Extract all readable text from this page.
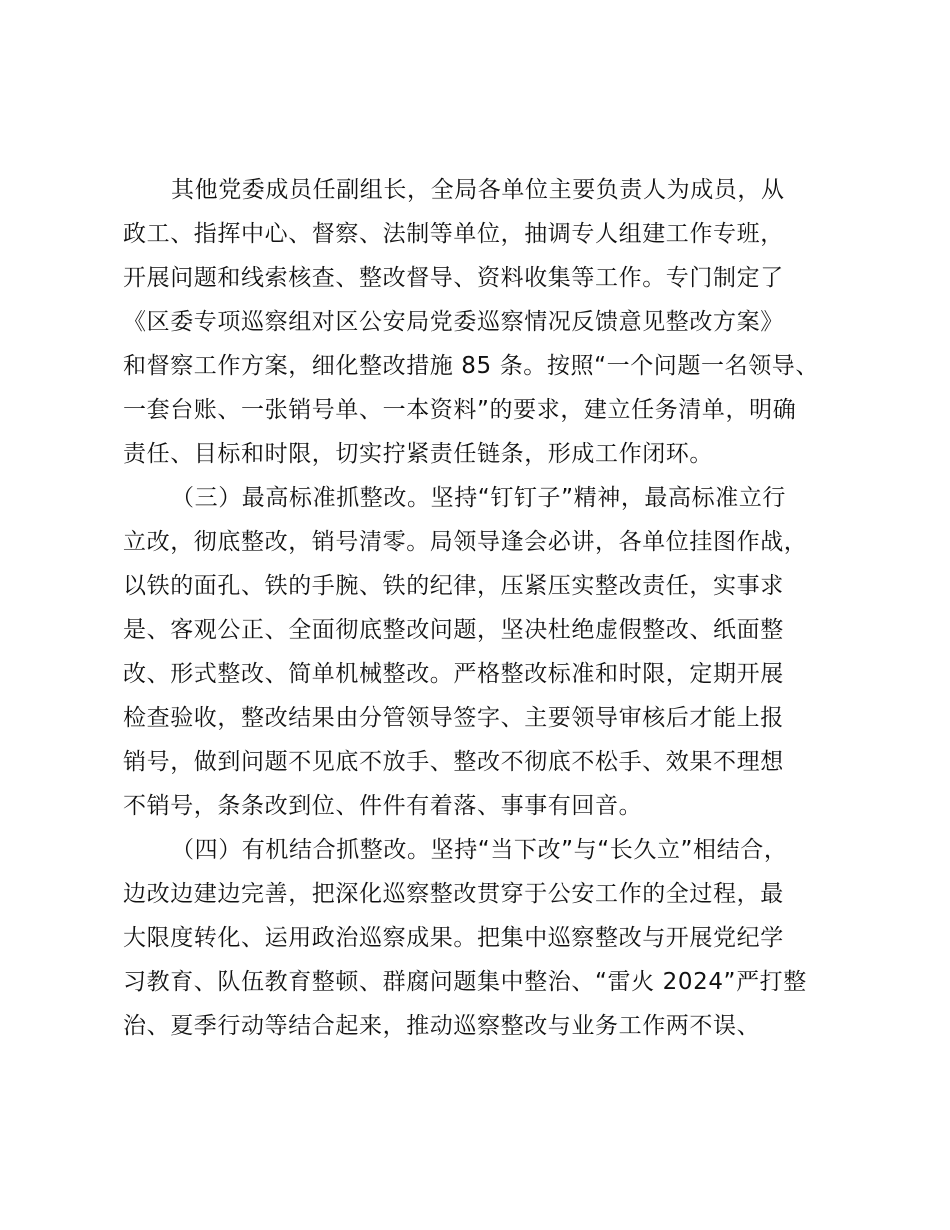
其他党委成员任副组长，全局各单位主要负责人为成员，从
政工、指挥中心、督察、法制等单位，抽调专人组建工作专班，
开展问题和线索核查、整改督导、资料收集等工作。专门制定了
《区委专项巡察组对区公安局党委巡察情况反馈意见整改方案》
和督察工作方案，细化整改措施 85 条。按照“一个问题一名领导、
一套台账、一张销号单、一本资料”的要求，建立任务清单，明确
责任、目标和时限，切实拧紧责任链条，形成工作闭环。
（三）最高标准抓整改。坚持“钉钉子”精神，最高标准立行
立改，彻底整改，销号清零。局领导逢会必讲，各单位挂图作战，
以铁的面孔、铁的手腕、铁的纪律，压紧压实整改责任，实事求
是、客观公正、全面彻底整改问题，坚决杜绝虚假整改、纸面整
改、形式整改、简单机械整改。严格整改标准和时限，定期开展
检查验收，整改结果由分管领导签字、主要领导审核后才能上报
销号，做到问题不见底不放手、整改不彻底不松手、效果不理想
不销号，条条改到位、件件有着落、事事有回音。
（四）有机结合抓整改。坚持“当下改”与“长久立”相结合，
边改边建边完善，把深化巡察整改贯穿于公安工作的全过程，最
大限度转化、运用政治巡察成果。把集中巡察整改与开展党纪学
习教育、队伍教育整顿、群腐问题集中整治、“雷火 2024”严打整
治、夏季行动等结合起来，推动巡察整改与业务工作两不误、
